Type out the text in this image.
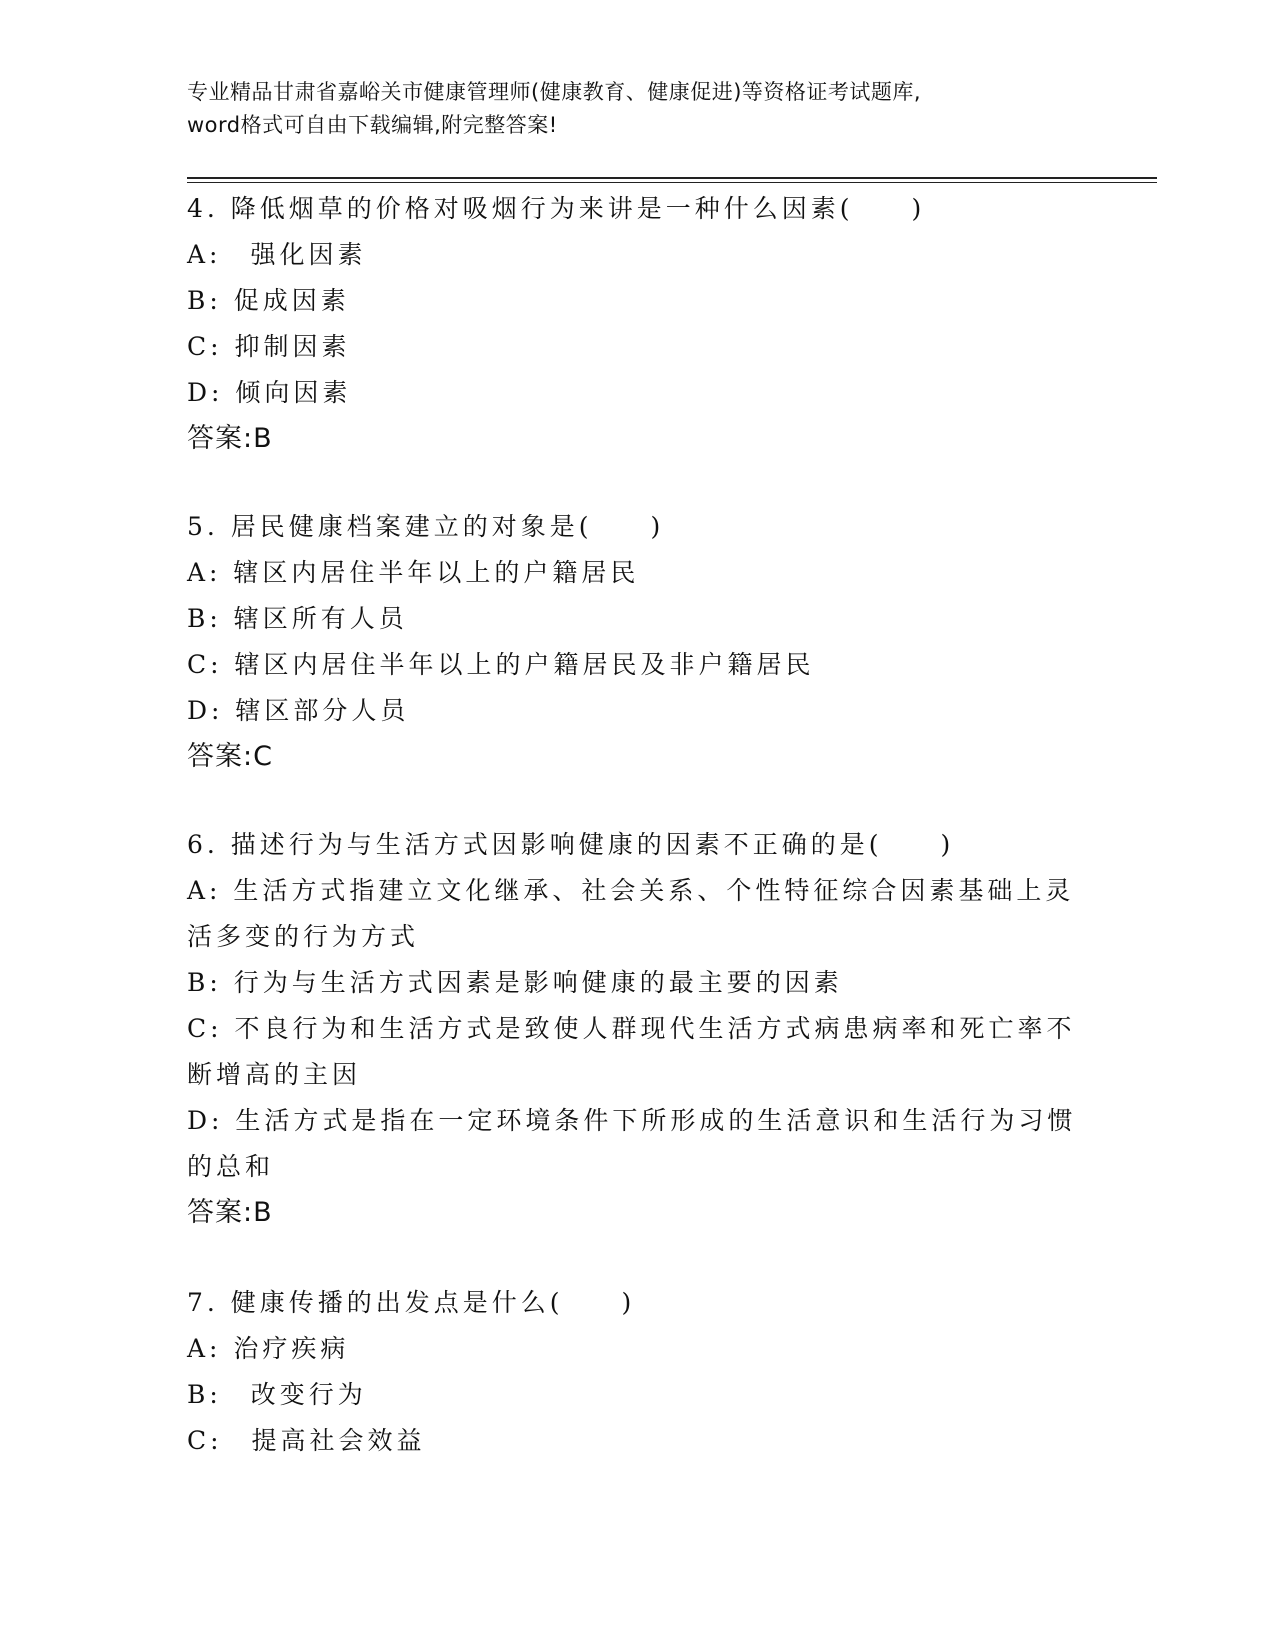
专业精品甘肃省嘉峪关市健康管理师(健康教育、健康促进)等资格证考试题库,
word格式可自由下载编辑,附完整答案!
4. 降低烟草的价格对吸烟行为来讲是一种什么因素(　　)
A:　强化因素
B: 促成因素
C: 抑制因素
D: 倾向因素
答案:B
5. 居民健康档案建立的对象是(　　)
A: 辖区内居住半年以上的户籍居民
B: 辖区所有人员
C: 辖区内居住半年以上的户籍居民及非户籍居民
D: 辖区部分人员
答案:C
6. 描述行为与生活方式因影响健康的因素不正确的是(　　)
A: 生活方式指建立文化继承、社会关系、个性特征综合因素基础上灵活多变的行为方式
B: 行为与生活方式因素是影响健康的最主要的因素
C: 不良行为和生活方式是致使人群现代生活方式病患病率和死亡率不断增高的主因
D: 生活方式是指在一定环境条件下所形成的生活意识和生活行为习惯的总和
答案:B
7. 健康传播的出发点是什么(　　)
A: 治疗疾病
B:　改变行为
C:　提高社会效益
